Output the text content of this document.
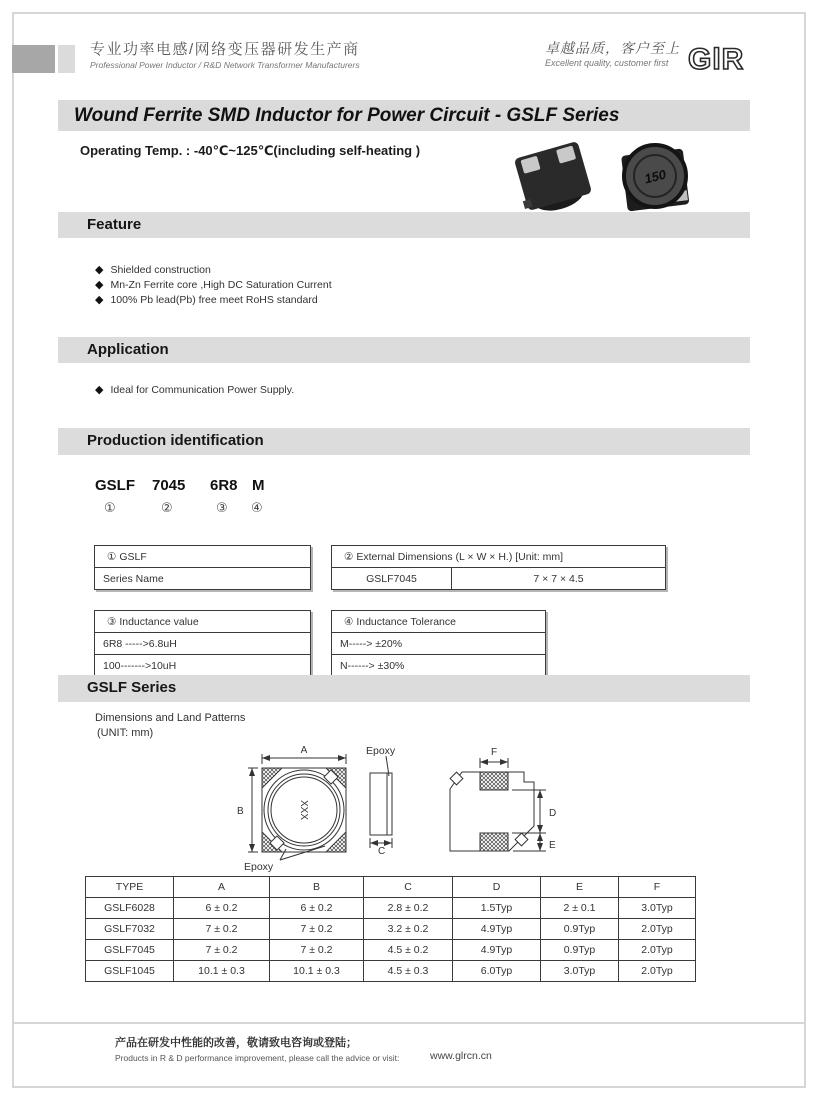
专业功率电感/网络变压器研发生产商
Professional Power Inductor / R&D Network Transformer Manufacturers
卓越品质，客户至上
Excellent quality, customer first GlR
Wound Ferrite SMD Inductor for Power Circuit - GSLF Series
Operating Temp. : -40℃~125℃(including self-heating )
150
Feature
◆ Shielded construction
◆ Mn-Zn Ferrite core ,High DC Saturation Current
◆ 100% Pb lead(Pb) free meet RoHS standard
Application
◆ Ideal for Communication Power Supply.
Production identification
GSLF 7045 6R8 M
①	②	③ ④
① GSLF
Series Name
② External Dimensions (L × W × H.) [Unit: mm]
GSLF7045	7 × 7 × 4.5
③ Inductance value
6R8 ----->6.8uH
100------->10uH
④ Inductance Tolerance
M-----> ±20%
N------> ±30%
GSLF Series
Dimensions and Land Patterns
(UNIT: mm)
A
B	XXX
Epoxy
Epoxy
C
F
D
E
TYPE	A	B	C	D	E	F
GSLF6028	6 ± 0.2	6 ± 0.2	2.8 ± 0.2	1.5Typ	2 ± 0.1	3.0Typ
GSLF7032	7 ± 0.2	7 ± 0.2	3.2 ± 0.2	4.9Typ	0.9Typ	2.0Typ
GSLF7045	7 ± 0.2	7 ± 0.2	4.5 ± 0.2	4.9Typ	0.9Typ	2.0Typ
GSLF1045	10.1 ± 0.3	10.1 ± 0.3	4.5 ± 0.3	6.0Typ	3.0Typ	2.0Typ
产品在研发中性能的改善，敬请致电咨询或登陆；
Products in R & D performance improvement, please call the advice or visit:	www.glrcn.cn
